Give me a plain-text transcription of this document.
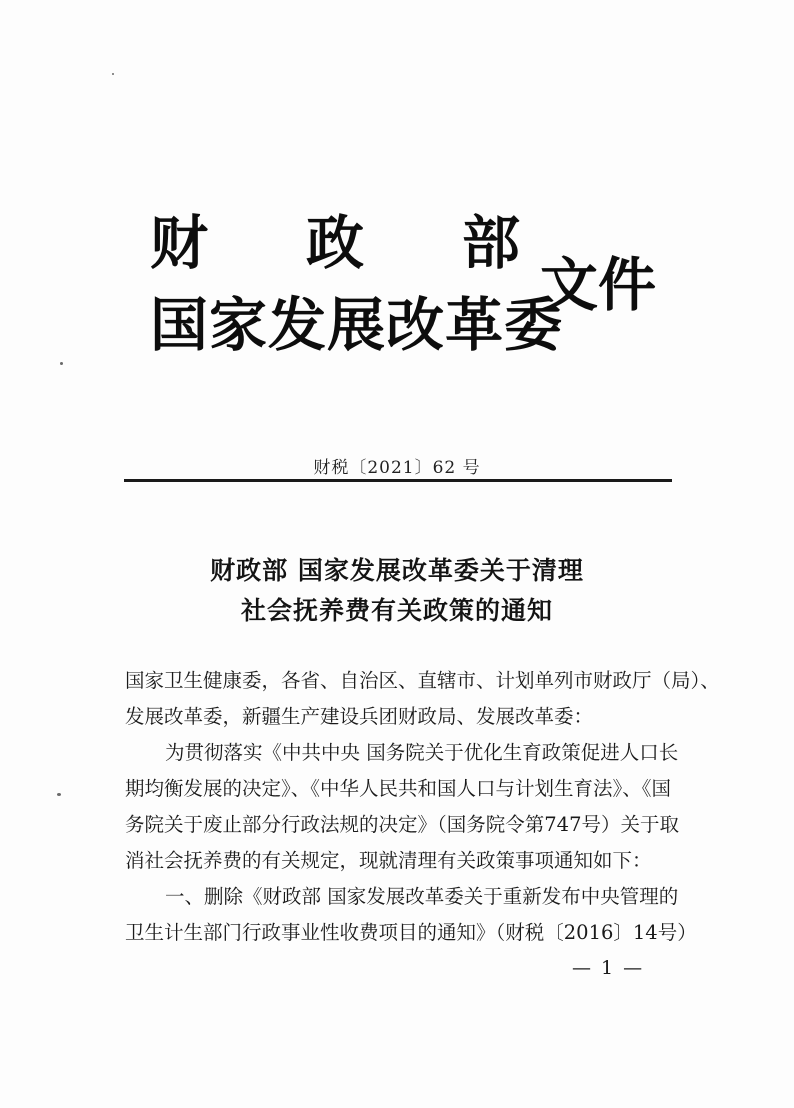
财 政 部
国家发展改革委
文件
财税〔2021〕62 号
财政部 国家发展改革委关于清理
社会抚养费有关政策的通知
国家卫生健康委，各省、自治区、直辖市、计划单列市财政厅（局）、
发展改革委，新疆生产建设兵团财政局、发展改革委：
为贯彻落实《中共中央 国务院关于优化生育政策促进人口长
期均衡发展的决定》、《中华人民共和国人口与计划生育法》、《国
务院关于废止部分行政法规的决定》（国务院令第747号）关于取
消社会抚养费的有关规定，现就清理有关政策事项通知如下：
一、删除《财政部 国家发展改革委关于重新发布中央管理的
卫生计生部门行政事业性收费项目的通知》（财税〔2016〕14号）
— 1 —
